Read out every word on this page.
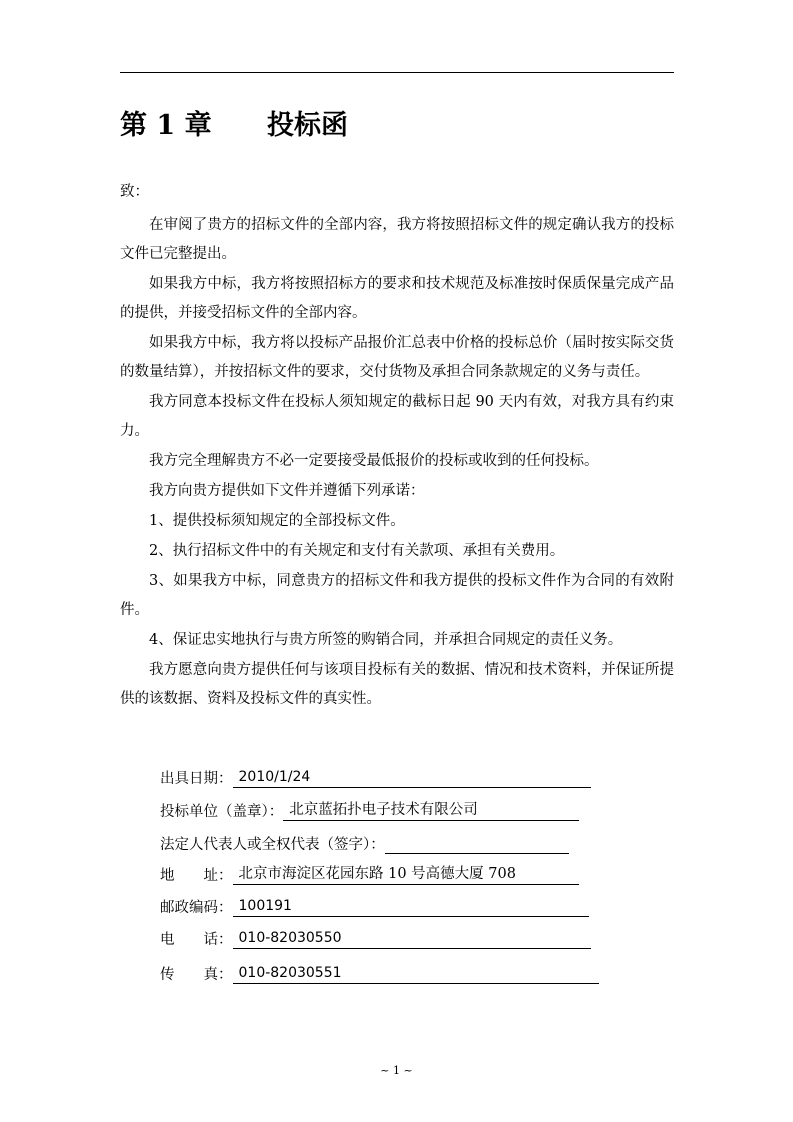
第 1 章 投标函

致：

在审阅了贵方的招标文件的全部内容，我方将按照招标文件的规定确认我方的投标文件已完整提出。

如果我方中标，我方将按照招标方的要求和技术规范及标准按时保质保量完成产品的提供，并接受招标文件的全部内容。

如果我方中标，我方将以投标产品报价汇总表中价格的投标总价（届时按实际交货的数量结算），并按招标文件的要求，交付货物及承担合同条款规定的义务与责任。

我方同意本投标文件在投标人须知规定的截标日起 90 天内有效，对我方具有约束力。

我方完全理解贵方不必一定要接受最低报价的投标或收到的任何投标。

我方向贵方提供如下文件并遵循下列承诺：

1、提供投标须知规定的全部投标文件。

2、执行招标文件中的有关规定和支付有关款项、承担有关费用。

3、如果我方中标，同意贵方的招标文件和我方提供的投标文件作为合同的有效附件。

4、保证忠实地执行与贵方所签的购销合同，并承担合同规定的责任义务。

我方愿意向贵方提供任何与该项目投标有关的数据、情况和技术资料，并保证所提供的该数据、资料及投标文件的真实性。

出具日期： 2010/1/24
投标单位（盖章）： 北京蓝拓扑电子技术有限公司
法定人代表人或全权代表（签字）：
地　　址： 北京市海淀区花园东路 10 号高德大厦 708
邮政编码： 100191
电　　话： 010-82030550
传　　真： 010-82030551
~ 1 ~
